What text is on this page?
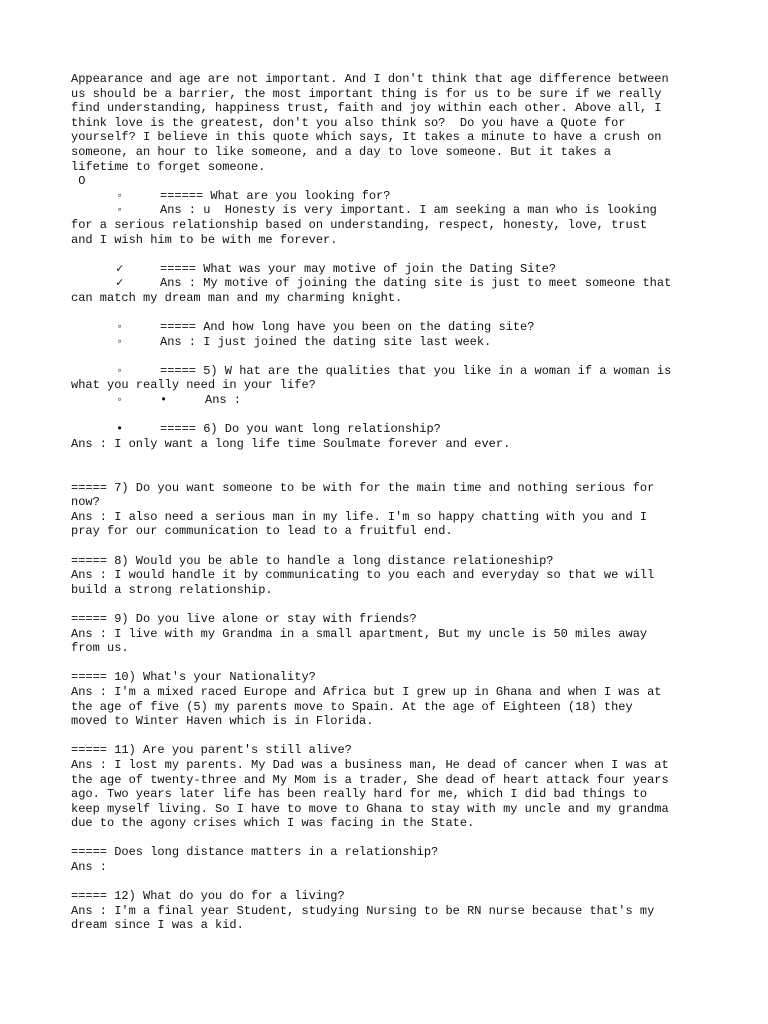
Appearance and age are not important. And I don't think that age difference between
us should be a barrier, the most important thing is for us to be sure if we really
find understanding, happiness trust, faith and joy within each other. Above all, I
think love is the greatest, don't you also think so?  Do you have a Quote for
yourself? I believe in this quote which says, It takes a minute to have a crush on
someone, an hour to like someone, and a day to love someone. But it takes a
lifetime to forget someone.
O
◦	====== What are you looking for?
◦	Ans : u  Honesty is very important. I am seeking a man who is looking
for a serious relationship based on understanding, respect, honesty, love, trust
and I wish him to be with me forever.
✓	===== What was your may motive of join the Dating Site?
✓	Ans : My motive of joining the dating site is just to meet someone that
can match my dream man and my charming knight.
◦	===== And how long have you been on the dating site?
◦	Ans : I just joined the dating site last week.
◦	===== 5) W hat are the qualities that you like in a woman if a woman is
what you really need in your life?
◦	•	Ans :
•	===== 6) Do you want long relationship?
Ans : I only want a long life time Soulmate forever and ever.
===== 7) Do you want someone to be with for the main time and nothing serious for
now?
Ans : I also need a serious man in my life. I'm so happy chatting with you and I
pray for our communication to lead to a fruitful end.
===== 8) Would you be able to handle a long distance relationeship?
Ans : I would handle it by communicating to you each and everyday so that we will
build a strong relationship.
===== 9) Do you live alone or stay with friends?
Ans : I live with my Grandma in a small apartment, But my uncle is 50 miles away
from us.
===== 10) What's your Nationality?
Ans : I'm a mixed raced Europe and Africa but I grew up in Ghana and when I was at
the age of five (5) my parents move to Spain. At the age of Eighteen (18) they
moved to Winter Haven which is in Florida.
===== 11) Are you parent's still alive?
Ans : I lost my parents. My Dad was a business man, He dead of cancer when I was at
the age of twenty-three and My Mom is a trader, She dead of heart attack four years
ago. Two years later life has been really hard for me, which I did bad things to
keep myself living. So I have to move to Ghana to stay with my uncle and my grandma
due to the agony crises which I was facing in the State.
===== Does long distance matters in a relationship?
Ans :
===== 12) What do you do for a living?
Ans : I'm a final year Student, studying Nursing to be RN nurse because that's my
dream since I was a kid.
